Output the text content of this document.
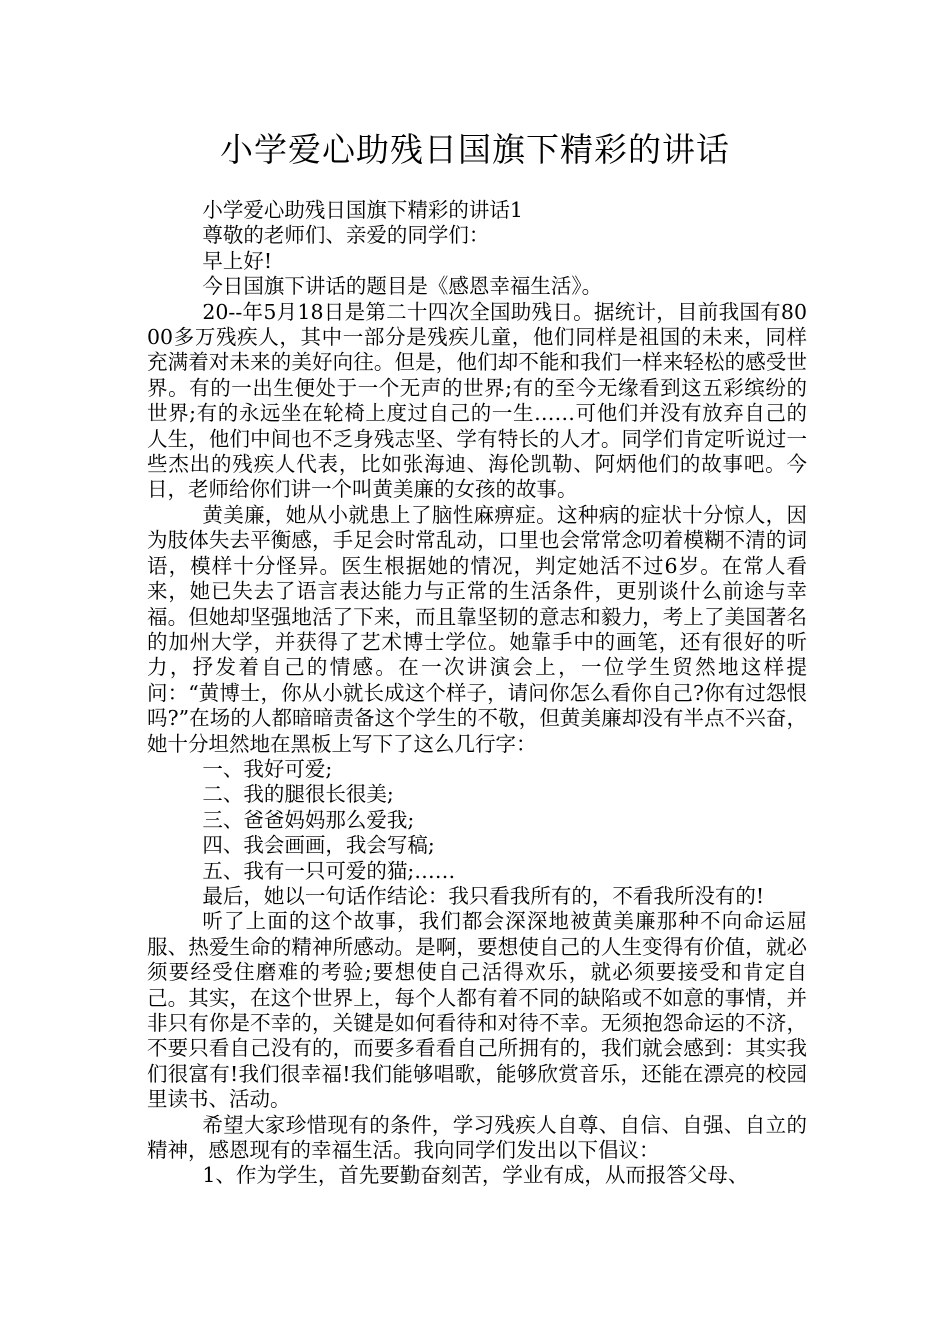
小学爱心助残日国旗下精彩的讲话

小学爱心助残日国旗下精彩的讲话1

尊敬的老师们、亲爱的同学们：

早上好!

今日国旗下讲话的题目是《感恩幸福生活》。

20--年5月18日是第二十四次全国助残日。据统计，目前我国有8000多万残疾人，其中一部分是残疾儿童，他们同样是祖国的未来，同样充满着对未来的美好向往。但是，他们却不能和我们一样来轻松的感受世界。有的一出生便处于一个无声的世界;有的至今无缘看到这五彩缤纷的世界;有的永远坐在轮椅上度过自己的一生……可他们并没有放弃自己的人生，他们中间也不乏身残志坚、学有特长的人才。同学们肯定听说过一些杰出的残疾人代表，比如张海迪、海伦凯勒、阿炳他们的故事吧。今日，老师给你们讲一个叫黄美廉的女孩的故事。

黄美廉，她从小就患上了脑性麻痹症。这种病的症状十分惊人，因为肢体失去平衡感，手足会时常乱动，口里也会常常念叨着模糊不清的词语，模样十分怪异。医生根据她的情况，判定她活不过6岁。在常人看来，她已失去了语言表达能力与正常的生活条件，更别谈什么前途与幸福。但她却坚强地活了下来，而且靠坚韧的意志和毅力，考上了美国著名的加州大学，并获得了艺术博士学位。她靠手中的画笔，还有很好的听力，抒发着自己的情感。在一次讲演会上，一位学生贸然地这样提问：“黄博士，你从小就长成这个样子，请问你怎么看你自己?你有过怨恨吗?”在场的人都暗暗责备这个学生的不敬，但黄美廉却没有半点不兴奋，她十分坦然地在黑板上写下了这么几行字：

一、我好可爱;

二、我的腿很长很美;

三、爸爸妈妈那么爱我;

四、我会画画，我会写稿;

五、我有一只可爱的猫;……

最后，她以一句话作结论：我只看我所有的，不看我所没有的!

听了上面的这个故事，我们都会深深地被黄美廉那种不向命运屈服、热爱生命的精神所感动。是啊，要想使自己的人生变得有价值，就必须要经受住磨难的考验;要想使自己活得欢乐，就必须要接受和肯定自己。其实，在这个世界上，每个人都有着不同的缺陷或不如意的事情，并非只有你是不幸的，关键是如何看待和对待不幸。无须抱怨命运的不济，不要只看自己没有的，而要多看看自己所拥有的，我们就会感到：其实我们很富有!我们很幸福!我们能够唱歌，能够欣赏音乐，还能在漂亮的校园里读书、活动。

希望大家珍惜现有的条件，学习残疾人自尊、自信、自强、自立的精神，感恩现有的幸福生活。我向同学们发出以下倡议：

1、作为学生，首先要勤奋刻苦，学业有成，从而报答父母、
